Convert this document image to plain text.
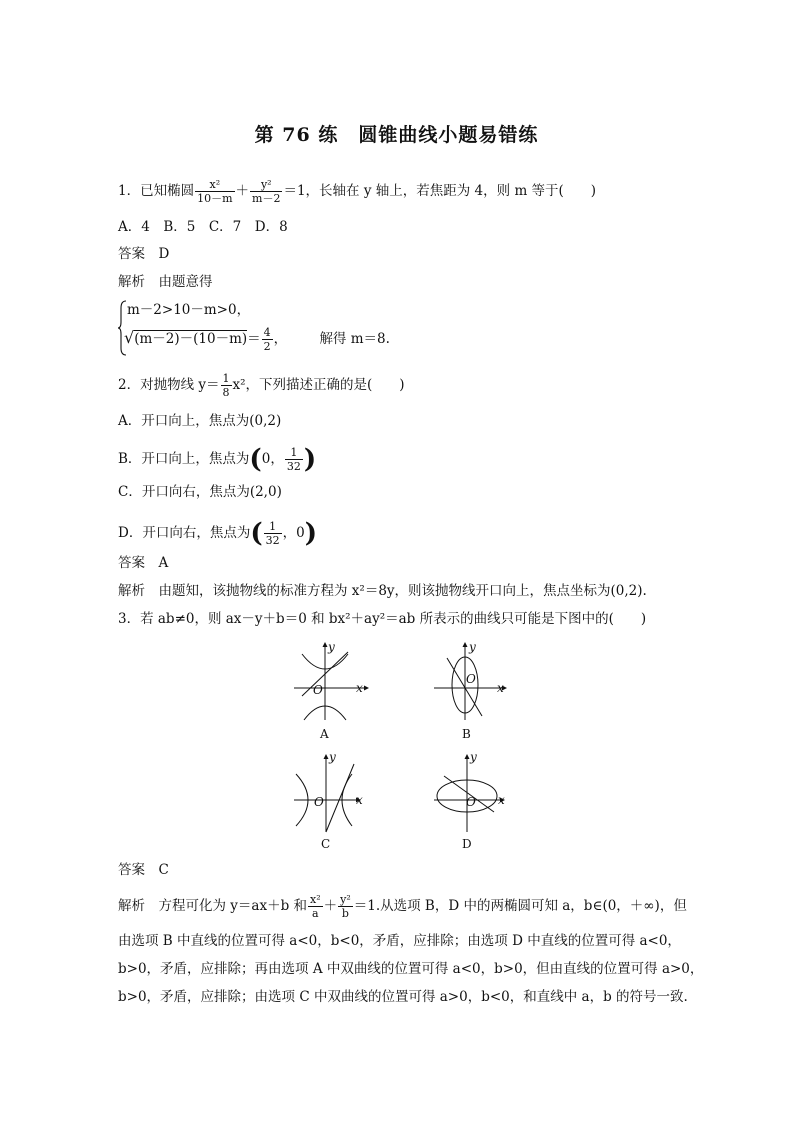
第 76 练　圆锥曲线小题易错练
1．已知椭圆 $\frac{\text{x²}}{10-m} + \frac{\text{y²}}{m-2} =1$，长轴在 y 轴上，若焦距为 4，则 m 等于(　　)
A．4　B．5　C．7　D．8
答案　 D
解析　 由题意得
m－2>10－m>0，
$√(m-2)-(10-m)= \frac{4}{2}$ ， 解得 m＝8.
2．对抛物线 $y= \frac{1}{8} x^2$，下列描述正确的是(　　)
A．开口向上，焦点为(0,2)
B．开口向上，焦点为(0， $\frac{1}{32}$ )
C．开口向右，焦点为(2,0)
D．开口向右，焦点为( $\frac{1}{32}$ ，0)
答案　 A
解析　 由题知，该抛物线的标准方程为 x²＝8y，则该抛物线开口向上，焦点坐标为(0,2).
3．若 ab≠0，则 ax－y＋b＝0 和 bx²＋ay²＝ab 所表示的曲线只可能是下图中的(　　)
y
x
O
A
y
x
O
B
y
x
O
C
y
x
O
D
答案　 C
解析　 方程可化为 y＝ax＋b 和 $\frac{\text{x²}}{a} + \frac{\text{y²}}{b} =1$.从选项 B，D 中的两椭圆可知 a，b∈(0，＋∞)，但
由选项 B 中直线的位置可得 a<0，b<0，矛盾，应排除；由选项 D 中直线的位置可得 a<0，
b>0，矛盾，应排除；再由选项 A 中双曲线的位置可得 a<0，b>0，但由直线的位置可得 a>0，
b>0，矛盾，应排除；由选项 C 中双曲线的位置可得 a>0，b<0，和直线中 a，b 的符号一致.
